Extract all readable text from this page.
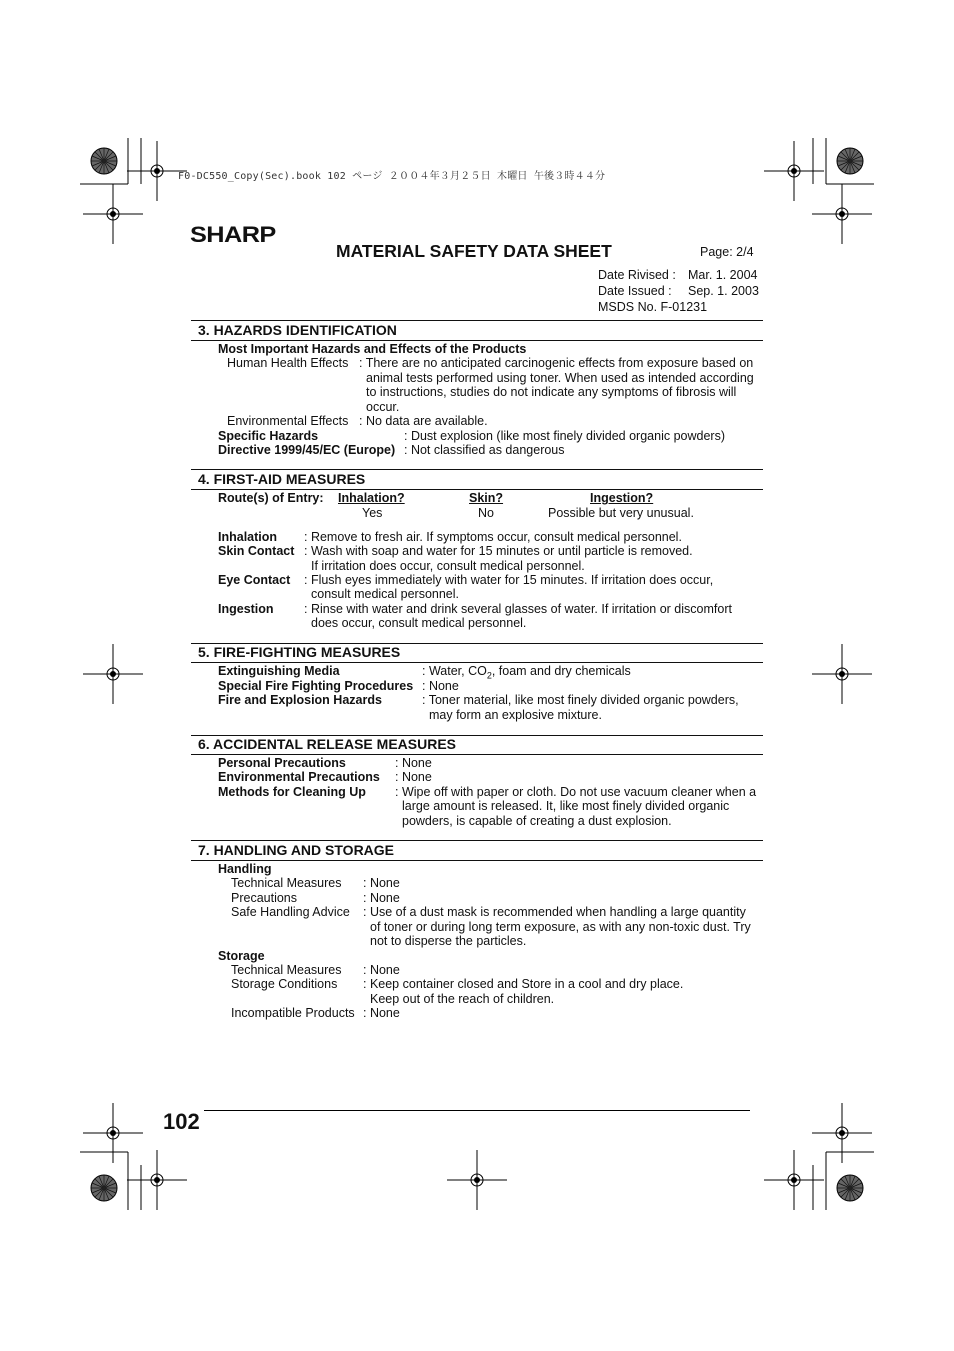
F0-DC550_Copy(Sec).book 102 ページ ２００４年３月２５日 木曜日 午後３時４４分
SHARP
MATERIAL SAFETY DATA SHEET	Page: 2/4
Date Rivised : Mar. 1. 2004
Date Issued : Sep. 1. 2003
MSDS No. F-01231
3. HAZARDS IDENTIFICATION
Most Important Hazards and Effects of the Products
Human Health Effects : There are no anticipated carcinogenic effects from exposure based on
animal tests performed using toner. When used as intended according
to instructions, studies do not indicate any symptoms of fibrosis will
occur.
Environmental Effects : No data are available.
Specific Hazards	: Dust explosion (like most finely divided organic powders)
Directive 1999/45/EC (Europe) : Not classified as dangerous
4. FIRST-AID MEASURES
Route(s) of Entry: Inhalation?	Skin?	Ingestion?
Yes	No	Possible but very unusual.
Inhalation : Remove to fresh air. If symptoms occur, consult medical personnel.
Skin Contact : Wash with soap and water for 15 minutes or until particle is removed.
If irritation does occur, consult medical personnel.
Eye Contact : Flush eyes immediately with water for 15 minutes. If irritation does occur,
consult medical personnel.
Ingestion : Rinse with water and drink several glasses of water. If irritation or discomfort
does occur, consult medical personnel.
5. FIRE-FIGHTING MEASURES
Extinguishing Media	: Water, $CO_2$, foam and dry chemicals
Special Fire Fighting Procedures : None
Fire and Explosion Hazards	: Toner material, like most finely divided organic powders,
may form an explosive mixture.
6. ACCIDENTAL RELEASE MEASURES
Personal Precautions	: None
Environmental Precautions : None
Methods for Cleaning Up : Wipe off with paper or cloth. Do not use vacuum cleaner when a
large amount is released. It, like most finely divided organic
powders, is capable of creating a dust explosion.
7. HANDLING AND STORAGE
Handling
Technical Measures : None
Precautions	: None
Safe Handling Advice : Use of a dust mask is recommended when handling a large quantity
of toner or during long term exposure, as with any non-toxic dust. Try
not to disperse the particles.
Storage
Technical Measures : None
Storage Conditions : Keep container closed and Store in a cool and dry place.
Keep out of the reach of children.
Incompatible Products : None
102
